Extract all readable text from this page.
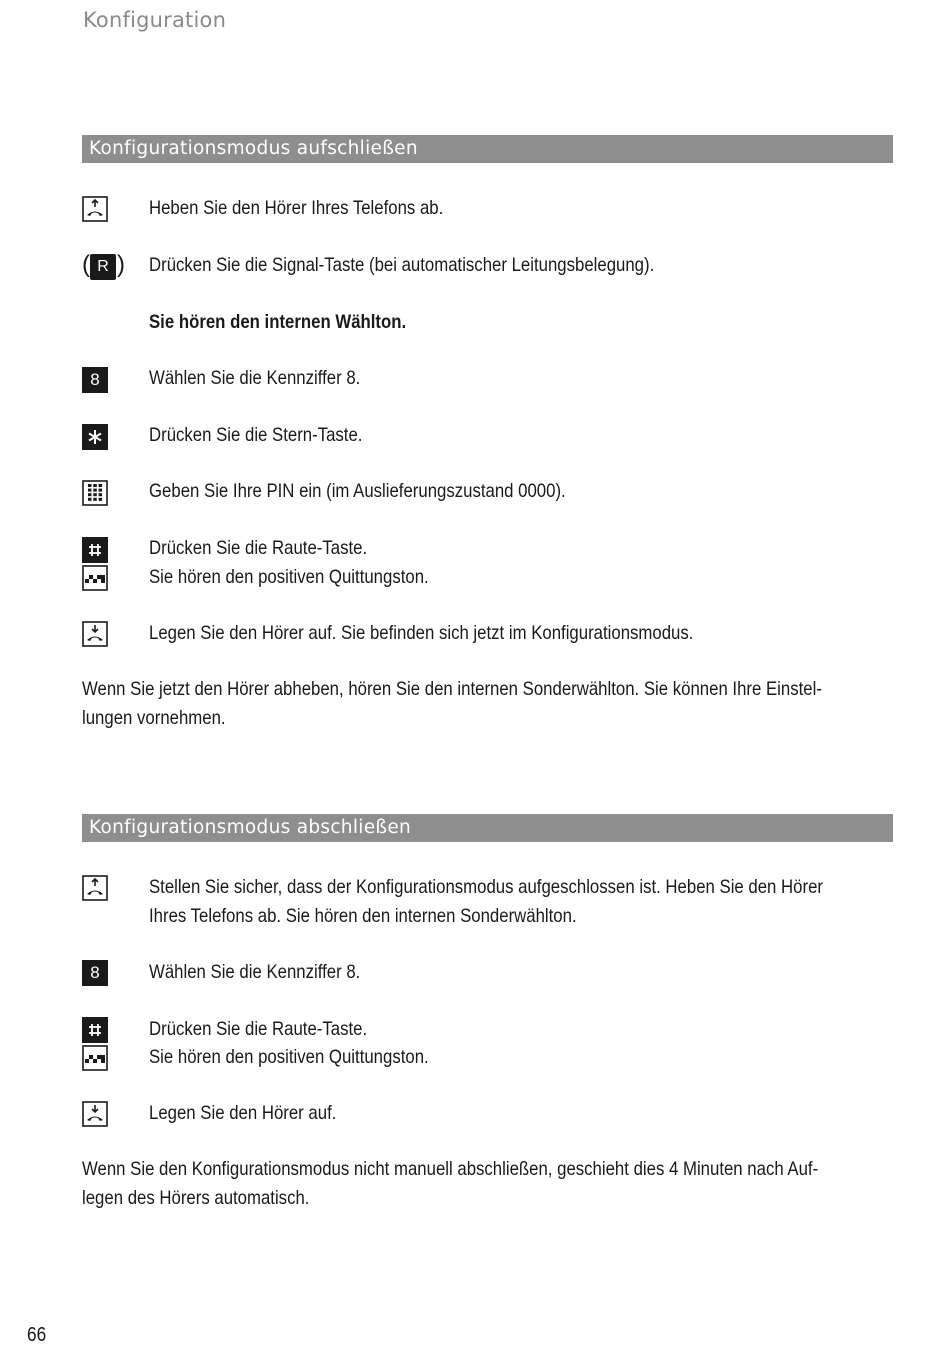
Konfiguration
Konfigurationsmodus aufschließen
Heben Sie den Hörer Ihres Telefons ab.
( R ) Drücken Sie die Signal-Taste (bei automatischer Leitungsbelegung).
Sie hören den internen Wählton.
8	Wählen Sie die Kennziffer 8.
Drücken Sie die Stern-Taste.
Geben Sie Ihre PIN ein (im Auslieferungszustand 0000).
Drücken Sie die Raute-Taste.
Sie hören den positiven Quittungston.
Legen Sie den Hörer auf. Sie befinden sich jetzt im Konfigurationsmodus.
Wenn Sie jetzt den Hörer abheben, hören Sie den internen Sonderwählton. Sie können Ihre Einstel-
lungen vornehmen.
Konfigurationsmodus abschließen
Stellen Sie sicher, dass der Konfigurationsmodus aufgeschlossen ist. Heben Sie den Hörer
Ihres Telefons ab. Sie hören den internen Sonderwählton.
8	Wählen Sie die Kennziffer 8.
Drücken Sie die Raute-Taste.
Sie hören den positiven Quittungston.
Legen Sie den Hörer auf.
Wenn Sie den Konfigurationsmodus nicht manuell abschließen, geschieht dies 4 Minuten nach Auf-
legen des Hörers automatisch.
66
